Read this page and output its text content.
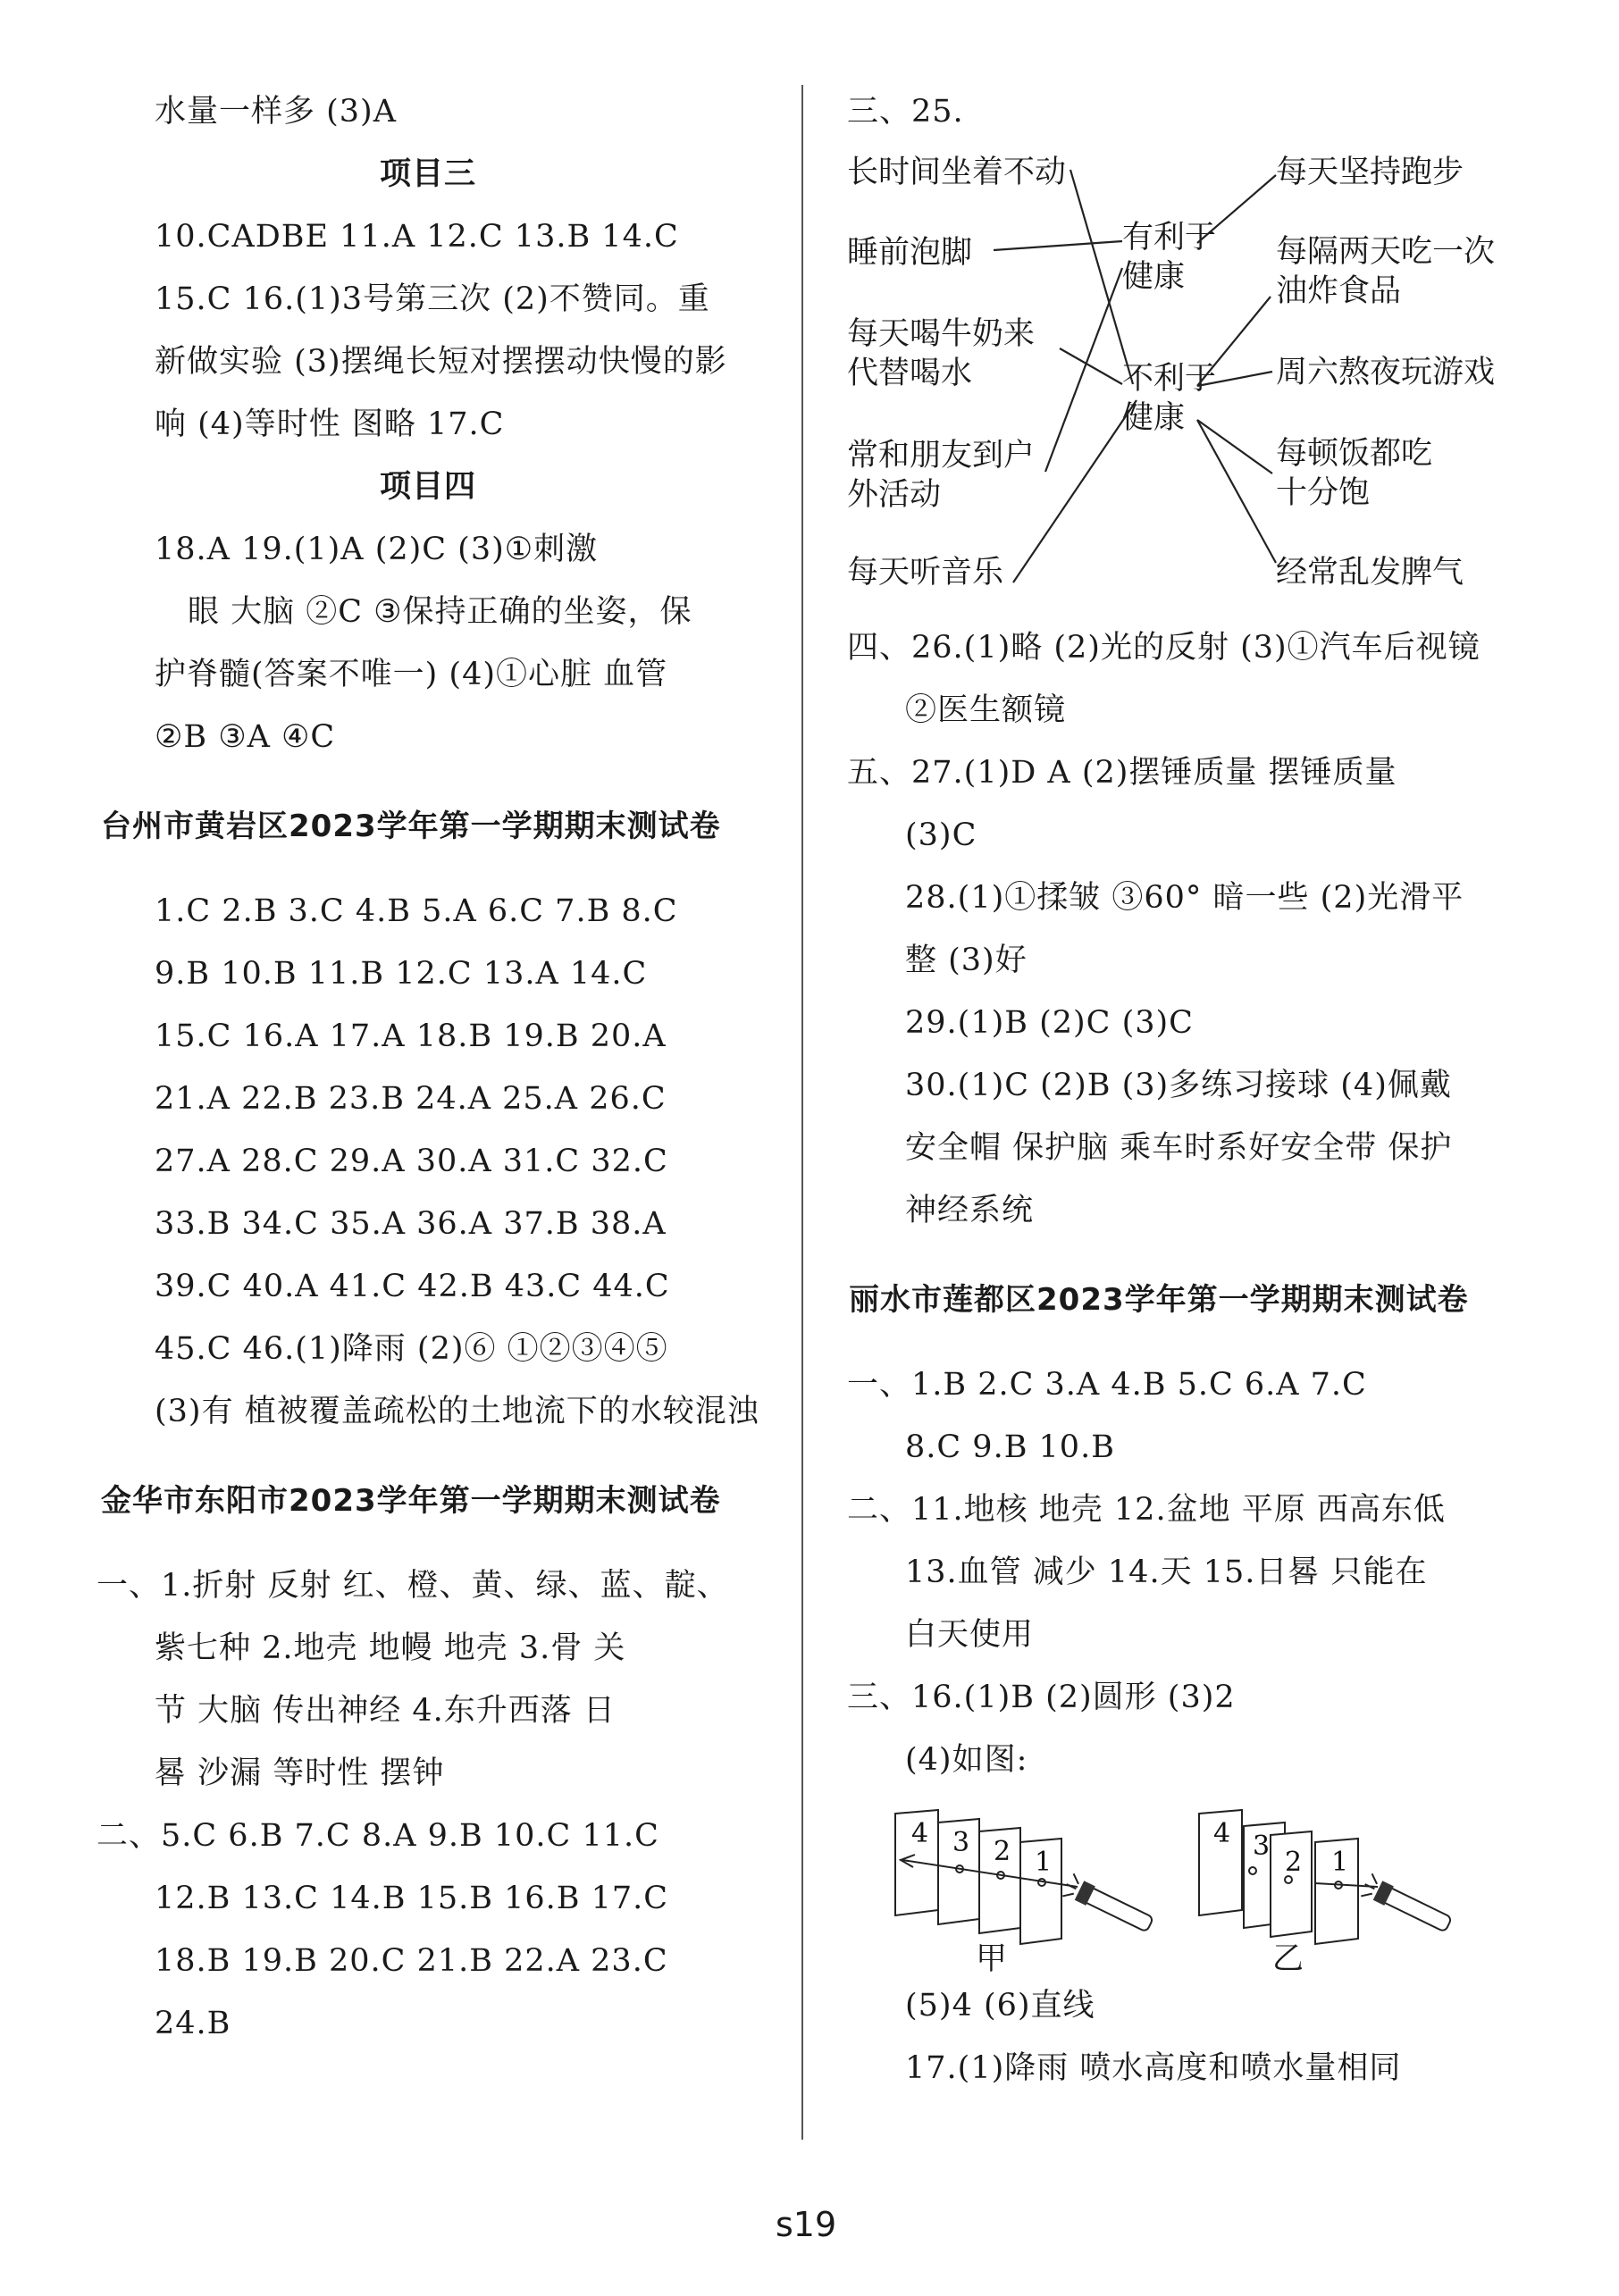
水量一样多 (3)A
项目三
10.CADBE 11.A 12.C 13.B 14.C
15.C 16.(1)3号第三次 (2)不赞同。重
新做实验 (3)摆绳长短对摆摆动快慢的影
响 (4)等时性 图略 17.C
项目四
18.A 19.(1)A (2)C (3)①刺激
眼 大脑 ②C ③保持正确的坐姿，保
护脊髓(答案不唯一) (4)①心脏 血管
②B ③A ④C
台州市黄岩区2023学年第一学期期末测试卷
1.C 2.B 3.C 4.B 5.A 6.C 7.B 8.C
9.B 10.B 11.B 12.C 13.A 14.C
15.C 16.A 17.A 18.B 19.B 20.A
21.A 22.B 23.B 24.A 25.A 26.C
27.A 28.C 29.A 30.A 31.C 32.C
33.B 34.C 35.A 36.A 37.B 38.A
39.C 40.A 41.C 42.B 43.C 44.C
45.C 46.(1)降雨 (2)⑥ ①②③④⑤
(3)有 植被覆盖疏松的土地流下的水较混浊
金华市东阳市2023学年第一学期期末测试卷
一、1.折射 反射 红、橙、黄、绿、蓝、靛、
紫七种 2.地壳 地幔 地壳 3.骨 关
节 大脑 传出神经 4.东升西落 日
晷 沙漏 等时性 摆钟
二、5.C 6.B 7.C 8.A 9.B 10.C 11.C
12.B 13.C 14.B 15.B 16.B 17.C
18.B 19.B 20.C 21.B 22.A 23.C
24.B
三、25.
四、26.(1)略 (2)光的反射 (3)①汽车后视镜
②医生额镜
五、27.(1)D A (2)摆锤质量 摆锤质量
(3)C
28.(1)①揉皱 ③60° 暗一些 (2)光滑平
整 (3)好
29.(1)B (2)C (3)C
30.(1)C (2)B (3)多练习接球 (4)佩戴
安全帽 保护脑 乘车时系好安全带 保护
神经系统
丽水市莲都区2023学年第一学期期末测试卷
一、1.B 2.C 3.A 4.B 5.C 6.A 7.C
8.C 9.B 10.B
二、11.地核 地壳 12.盆地 平原 西高东低
13.血管 减少 14.天 15.日晷 只能在
白天使用
三、16.(1)B (2)圆形 (3)2
(4)如图:
(5)4 (6)直线
17.(1)降雨 喷水高度和喷水量相同
长时间坐着不动
睡前泡脚
每天喝牛奶来
代替喝水
常和朋友到户
外活动
每天听音乐
有利于
健康
不利于
健康
每天坚持跑步
每隔两天吃一次
油炸食品
周六熬夜玩游戏
每顿饭都吃
十分饱
经常乱发脾气
4 3 2 1
甲
4 3
2 1
乙
s19
